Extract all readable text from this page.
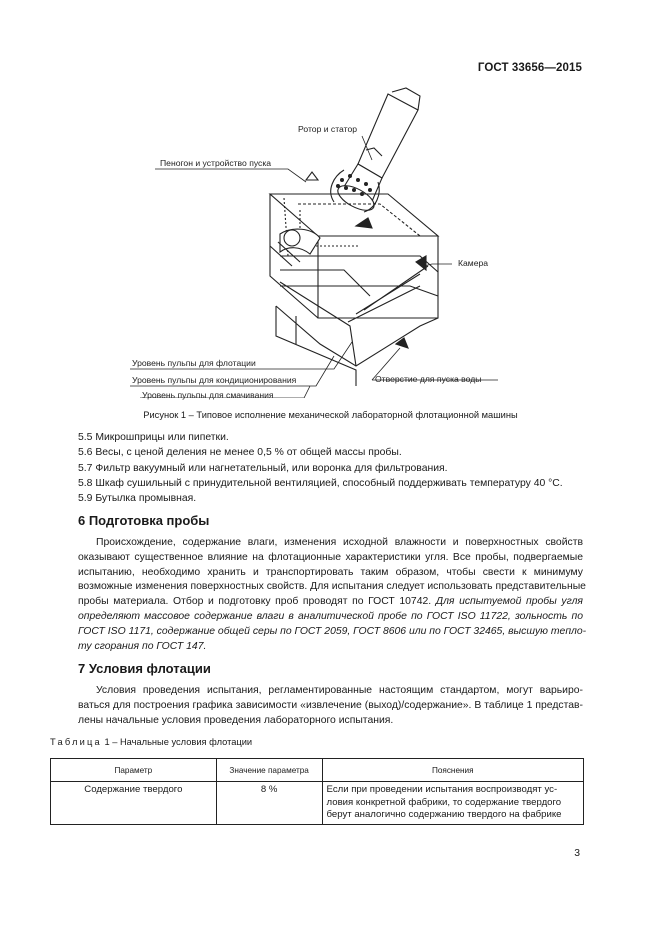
ГОСТ 33656—2015
Ротор и статор
Пеногон и устройство пуска
Камера
Уровень пульпы для флотации
Уровень пульпы для кондиционирования
Уровень пульпы для смачивания
Отверстие для пуска воды
Рисунок 1 – Типовое исполнение механической лабораторной флотационной машины
5.5 Микрошприцы или пипетки.
5.6 Весы, с ценой деления не менее 0,5 % от общей массы пробы.
5.7 Фильтр вакуумный или нагнетательный, или воронка для фильтрования.
5.8 Шкаф сушильный с принудительной вентиляцией, способный поддерживать температуру 40 °С.
5.9 Бутылка промывная.
6 Подготовка пробы
Происхождение, содержание влаги, изменения исходной влажности и поверхностных свойств
оказывают существенное влияние на флотационные характеристики угля. Все пробы, подвергаемые
испытанию, необходимо хранить и транспортировать таким образом, чтобы свести к минимуму
возможные изменения поверхностных свойств. Для испытания следует использовать представительные
пробы материала. Отбор и подготовку проб проводят по ГОСТ 10742. Для испытуемой пробы угля
определяют массовое содержание влаги в аналитической пробе по ГОСТ ISO 11722, зольность по
ГОСТ ISO 1171, содержание общей серы по ГОСТ 2059, ГОСТ 8606 или по ГОСТ 32465, высшую тепло-
ту сгорания по ГОСТ 147.
7 Условия флотации
Условия проведения испытания, регламентированные настоящим стандартом, могут варьиро-
ваться для построения графика зависимости «извлечение (выход)/содержание». В таблице 1 представ-
лены начальные условия проведения лабораторного испытания.
Таблица 1 – Начальные условия флотации
Параметр	Значение параметра	Пояснения
Содержание твердого	8 %	Если при проведении испытания воспроизводят ус-
ловия конкретной фабрики, то содержание твердого
берут аналогично содержанию твердого на фабрике
3
